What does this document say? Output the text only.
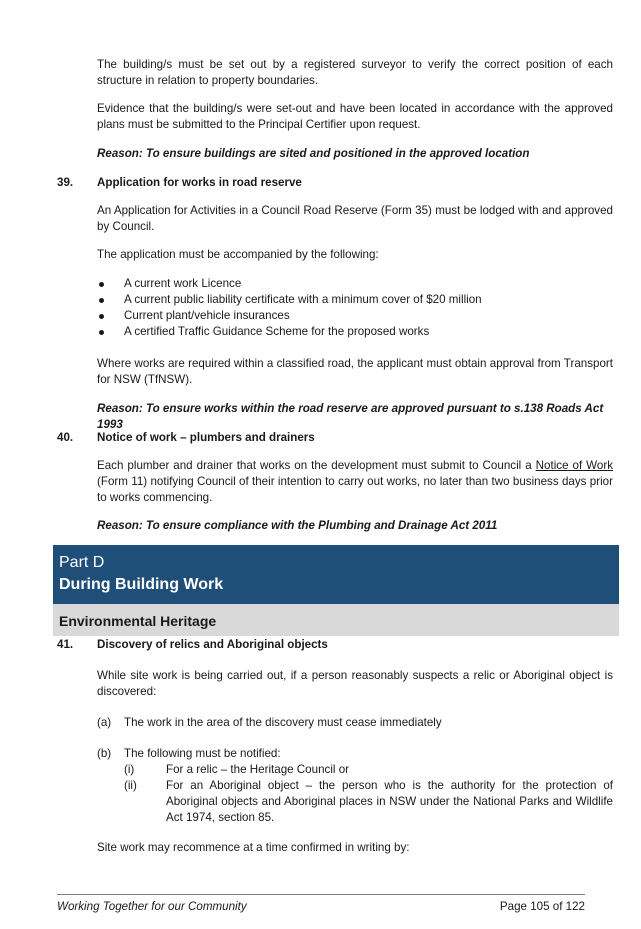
The building/s must be set out by a registered surveyor to verify the correct position of each structure in relation to property boundaries.

Evidence that the building/s were set-out and have been located in accordance with the approved plans must be submitted to the Principal Certifier upon request.

Reason: To ensure buildings are sited and positioned in the approved location

39. Application for works in road reserve

An Application for Activities in a Council Road Reserve (Form 35) must be lodged with and approved by Council.

The application must be accompanied by the following:

A current work Licence
A current public liability certificate with a minimum cover of $20 million
Current plant/vehicle insurances
A certified Traffic Guidance Scheme for the proposed works

Where works are required within a classified road, the applicant must obtain approval from Transport for NSW (TfNSW).

Reason: To ensure works within the road reserve are approved pursuant to s.138 Roads Act 1993

40. Notice of work – plumbers and drainers

Each plumber and drainer that works on the development must submit to Council a Notice of Work (Form 11) notifying Council of their intention to carry out works, no later than two business days prior to works commencing.

Reason: To ensure compliance with the Plumbing and Drainage Act 2011

Part D
During Building Work
Environmental Heritage
41. Discovery of relics and Aboriginal objects

While site work is being carried out, if a person reasonably suspects a relic or Aboriginal object is discovered:

(a) The work in the area of the discovery must cease immediately
(b) The following must be notified:
(i)	For a relic – the Heritage Council or
(ii)	For an Aboriginal object – the person who is the authority for the protection of Aboriginal objects and Aboriginal places in NSW under the National Parks and Wildlife Act 1974, section 85.

Site work may recommence at a time confirmed in writing by:

Working Together for our Community	Page 105 of 122
